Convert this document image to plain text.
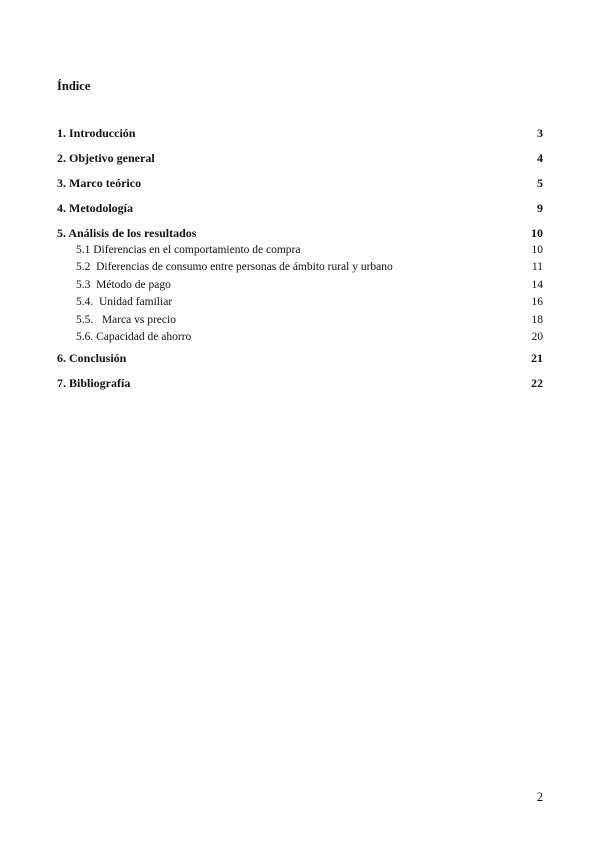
Índice
1. Introducción	3
2. Objetivo general	4
3. Marco teórico	5
4. Metodología	9
5. Análisis de los resultados	10
5.1 Diferencias en el comportamiento de compra	10
5.2  Diferencias de consumo entre personas de ámbito rural y urbano	11
5.3  Método de pago	14
5.4.  Unidad familiar	16
5.5.   Marca vs precio	18
5.6. Capacidad de ahorro	20
6. Conclusión	21
7. Bibliografía	22
2
